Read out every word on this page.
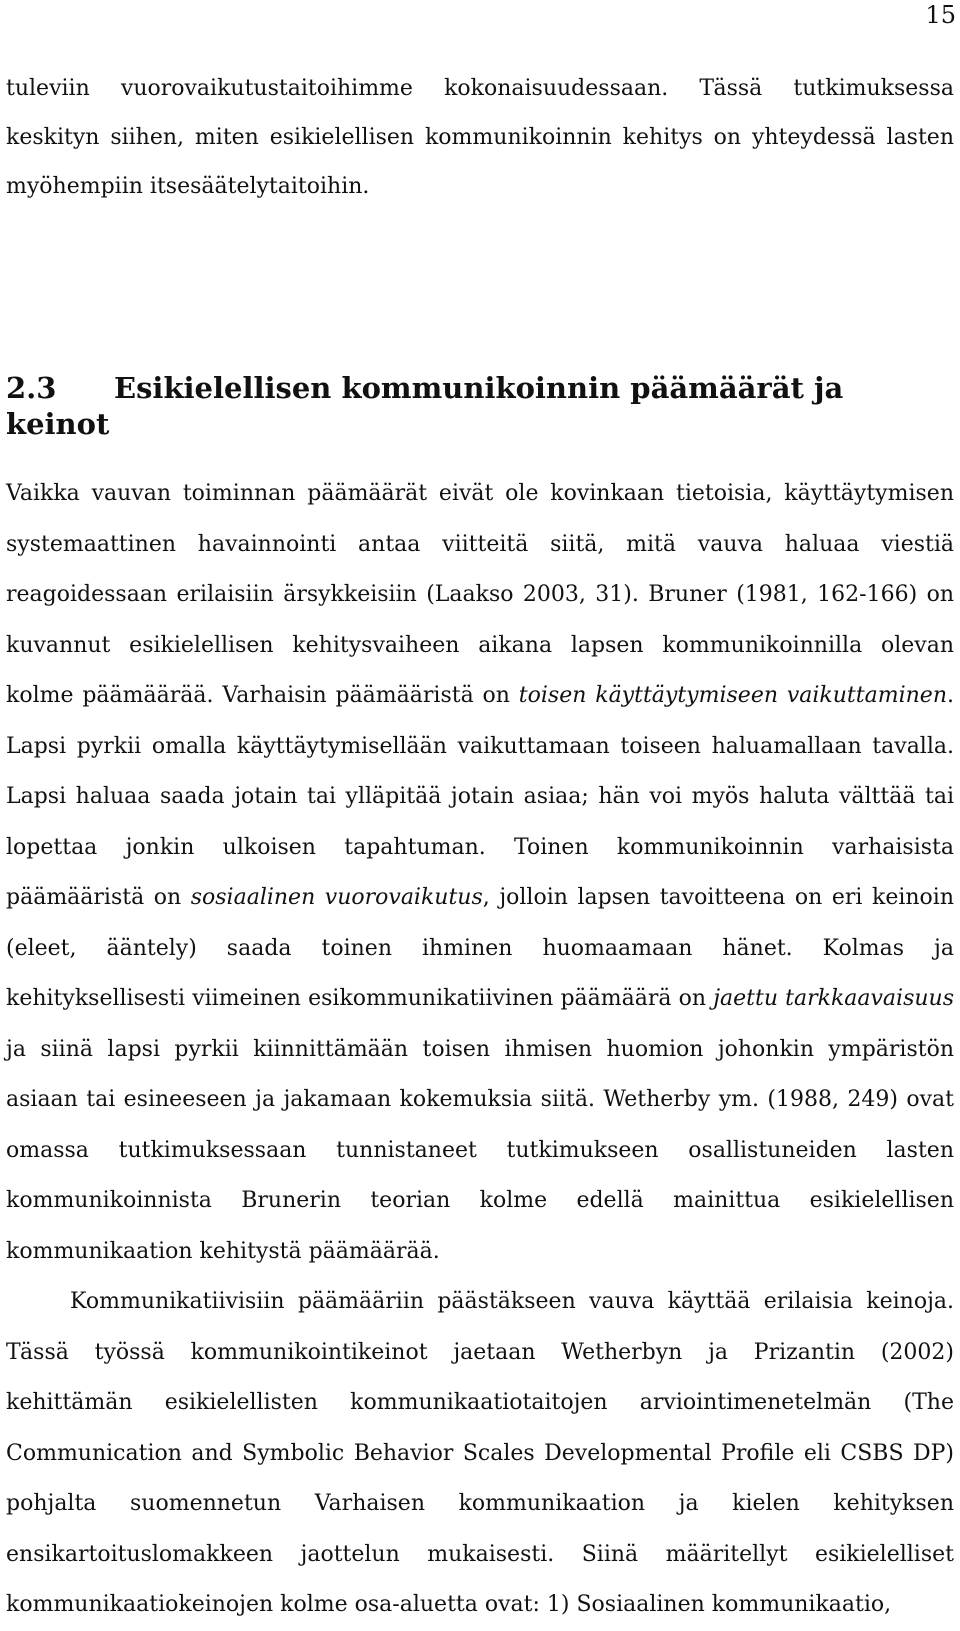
15

tuleviin vuorovaikutustaitoihimme kokonaisuudessaan. Tässä tutkimuksessa keskityn siihen, miten esikielellisen kommunikoinnin kehitys on yhteydessä lasten myöhempiin itsesäätelytaitoihin.

2.3 Esikielellisen kommunikoinnin päämäärät ja keinot

Vaikka vauvan toiminnan päämäärät eivät ole kovinkaan tietoisia, käyttäytymisen systemaattinen havainnointi antaa viitteitä siitä, mitä vauva haluaa viestiä reagoidessaan erilaisiin ärsykkeisiin (Laakso 2003, 31). Bruner (1981, 162-166) on kuvannut esikielellisen kehitysvaiheen aikana lapsen kommunikoinnilla olevan kolme päämäärää. Varhaisin päämääristä on toisen käyttäytymiseen vaikuttaminen. Lapsi pyrkii omalla käyttäytymisellään vaikuttamaan toiseen haluamallaan tavalla. Lapsi haluaa saada jotain tai ylläpitää jotain asiaa; hän voi myös haluta välttää tai lopettaa jonkin ulkoisen tapahtuman. Toinen kommunikoinnin varhaisista päämääristä on sosiaalinen vuorovaikutus, jolloin lapsen tavoitteena on eri keinoin (eleet, ääntely) saada toinen ihminen huomaamaan hänet. Kolmas ja kehityksellisesti viimeinen esikommunikatiivinen päämäärä on jaettu tarkkaavaisuus ja siinä lapsi pyrkii kiinnittämään toisen ihmisen huomion johonkin ympäristön asiaan tai esineeseen ja jakamaan kokemuksia siitä. Wetherby ym. (1988, 249) ovat omassa tutkimuksessaan tunnistaneet tutkimukseen osallistuneiden lasten kommunikoinnista Brunerin teorian kolme edellä mainittua esikielellisen kommunikaation kehitystä päämäärää.

Kommunikatiivisiin päämääriin päästäkseen vauva käyttää erilaisia keinoja. Tässä työssä kommunikointikeinot jaetaan Wetherbyn ja Prizantin (2002) kehittämän esikielellisten kommunikaatiotaitojen arviointimenetelmän (The Communication and Symbolic Behavior Scales Developmental Profile eli CSBS DP) pohjalta suomennetun Varhaisen kommunikaation ja kielen kehityksen ensikartoituslomakkeen jaottelun mukaisesti. Siinä määritellyt esikielelliset kommunikaatiokeinojen kolme osa-aluetta ovat: 1) Sosiaalinen kommunikaatio,
